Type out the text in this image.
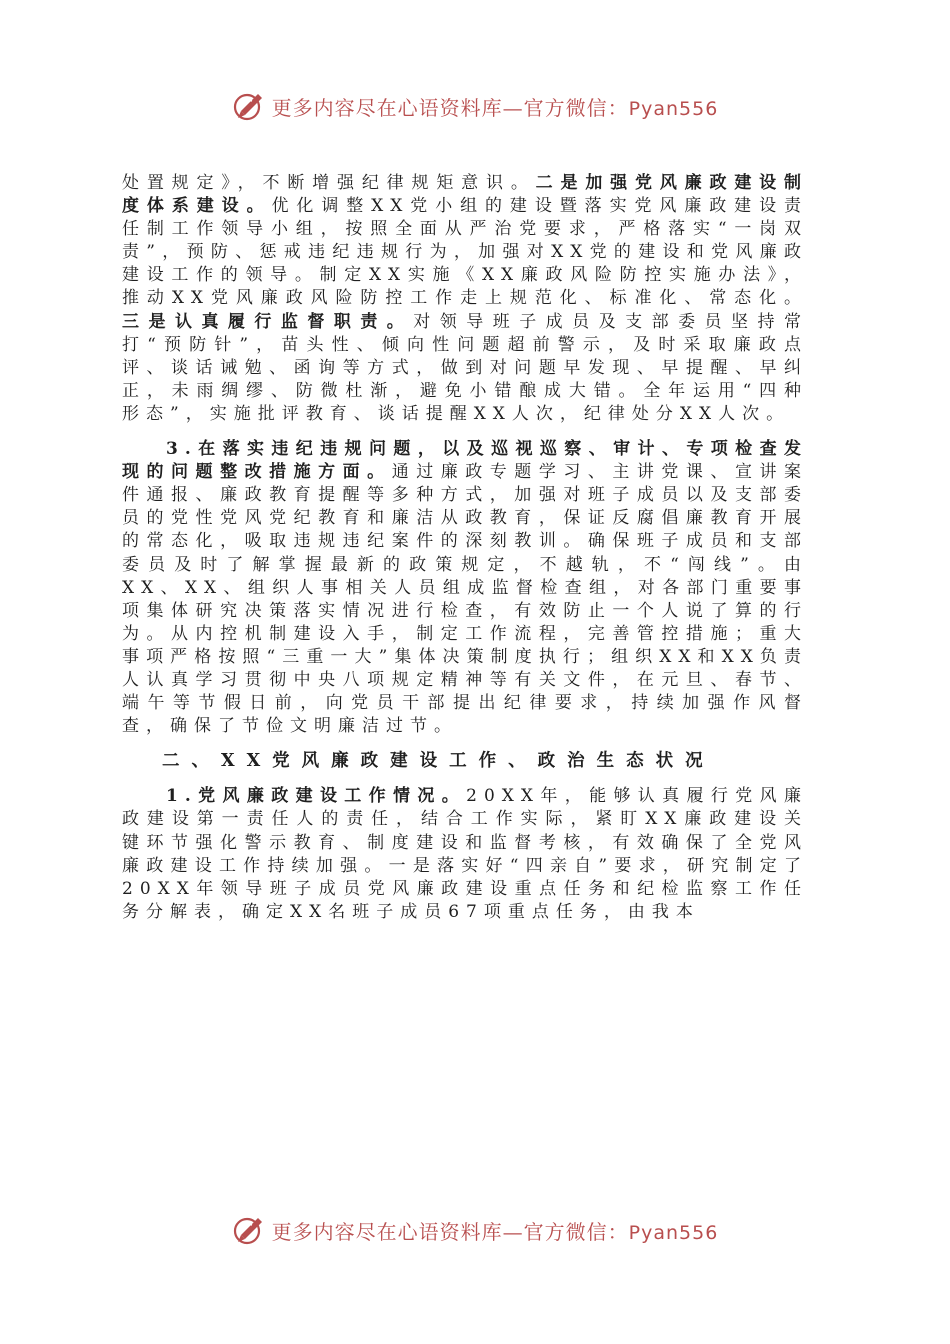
更多内容尽在心语资料库—官方微信：Pyan556

处置规定》，不断增强纪律规矩意识。二是加强党风廉政建设制度体系建设。优化调整XX党小组的建设暨落实党风廉政建设责任制工作领导小组，按照全面从严治党要求，严格落实“一岗双责”，预防、惩戒违纪违规行为，加强对XX党的建设和党风廉政建设工作的领导。制定XX实施《XX廉政风险防控实施办法》，推动XX党风廉政风险防控工作走上规范化、标准化、常态化。三是认真履行监督职责。对领导班子成员及支部委员坚持常打“预防针”，苗头性、倾向性问题超前警示，及时采取廉政点评、谈话诫勉、函询等方式，做到对问题早发现、早提醒、早纠正，未雨绸缪、防微杜渐，避免小错酿成大错。全年运用“四种形态”，实施批评教育、谈话提醒XX人次，纪律处分XX人次。

3.在落实违纪违规问题，以及巡视巡察、审计、专项检查发现的问题整改措施方面。通过廉政专题学习、主讲党课、宣讲案件通报、廉政教育提醒等多种方式，加强对班子成员以及支部委员的党性党风党纪教育和廉洁从政教育，保证反腐倡廉教育开展的常态化，吸取违规违纪案件的深刻教训。确保班子成员和支部委员及时了解掌握最新的政策规定，不越轨，不“闯线”。由XX、XX、组织人事相关人员组成监督检查组，对各部门重要事项集体研究决策落实情况进行检查，有效防止一个人说了算的行为。从内控机制建设入手，制定工作流程，完善管控措施；重大事项严格按照“三重一大”集体决策制度执行；组织XX和XX负责人认真学习贯彻中央八项规定精神等有关文件，在元旦、春节、端午等节假日前，向党员干部提出纪律要求，持续加强作风督查，确保了节俭文明廉洁过节。

二、XX党风廉政建设工作、政治生态状况

1.党风廉政建设工作情况。20XX年，能够认真履行党风廉政建设第一责任人的责任，结合工作实际，紧盯XX廉政建设关键环节强化警示教育、制度建设和监督考核，有效确保了全党风廉政建设工作持续加强。一是落实好“四亲自”要求，研究制定了20XX年领导班子成员党风廉政建设重点任务和纪检监察工作任务分解表，确定XX名班子成员67项重点任务，由我本

更多内容尽在心语资料库—官方微信：Pyan556
